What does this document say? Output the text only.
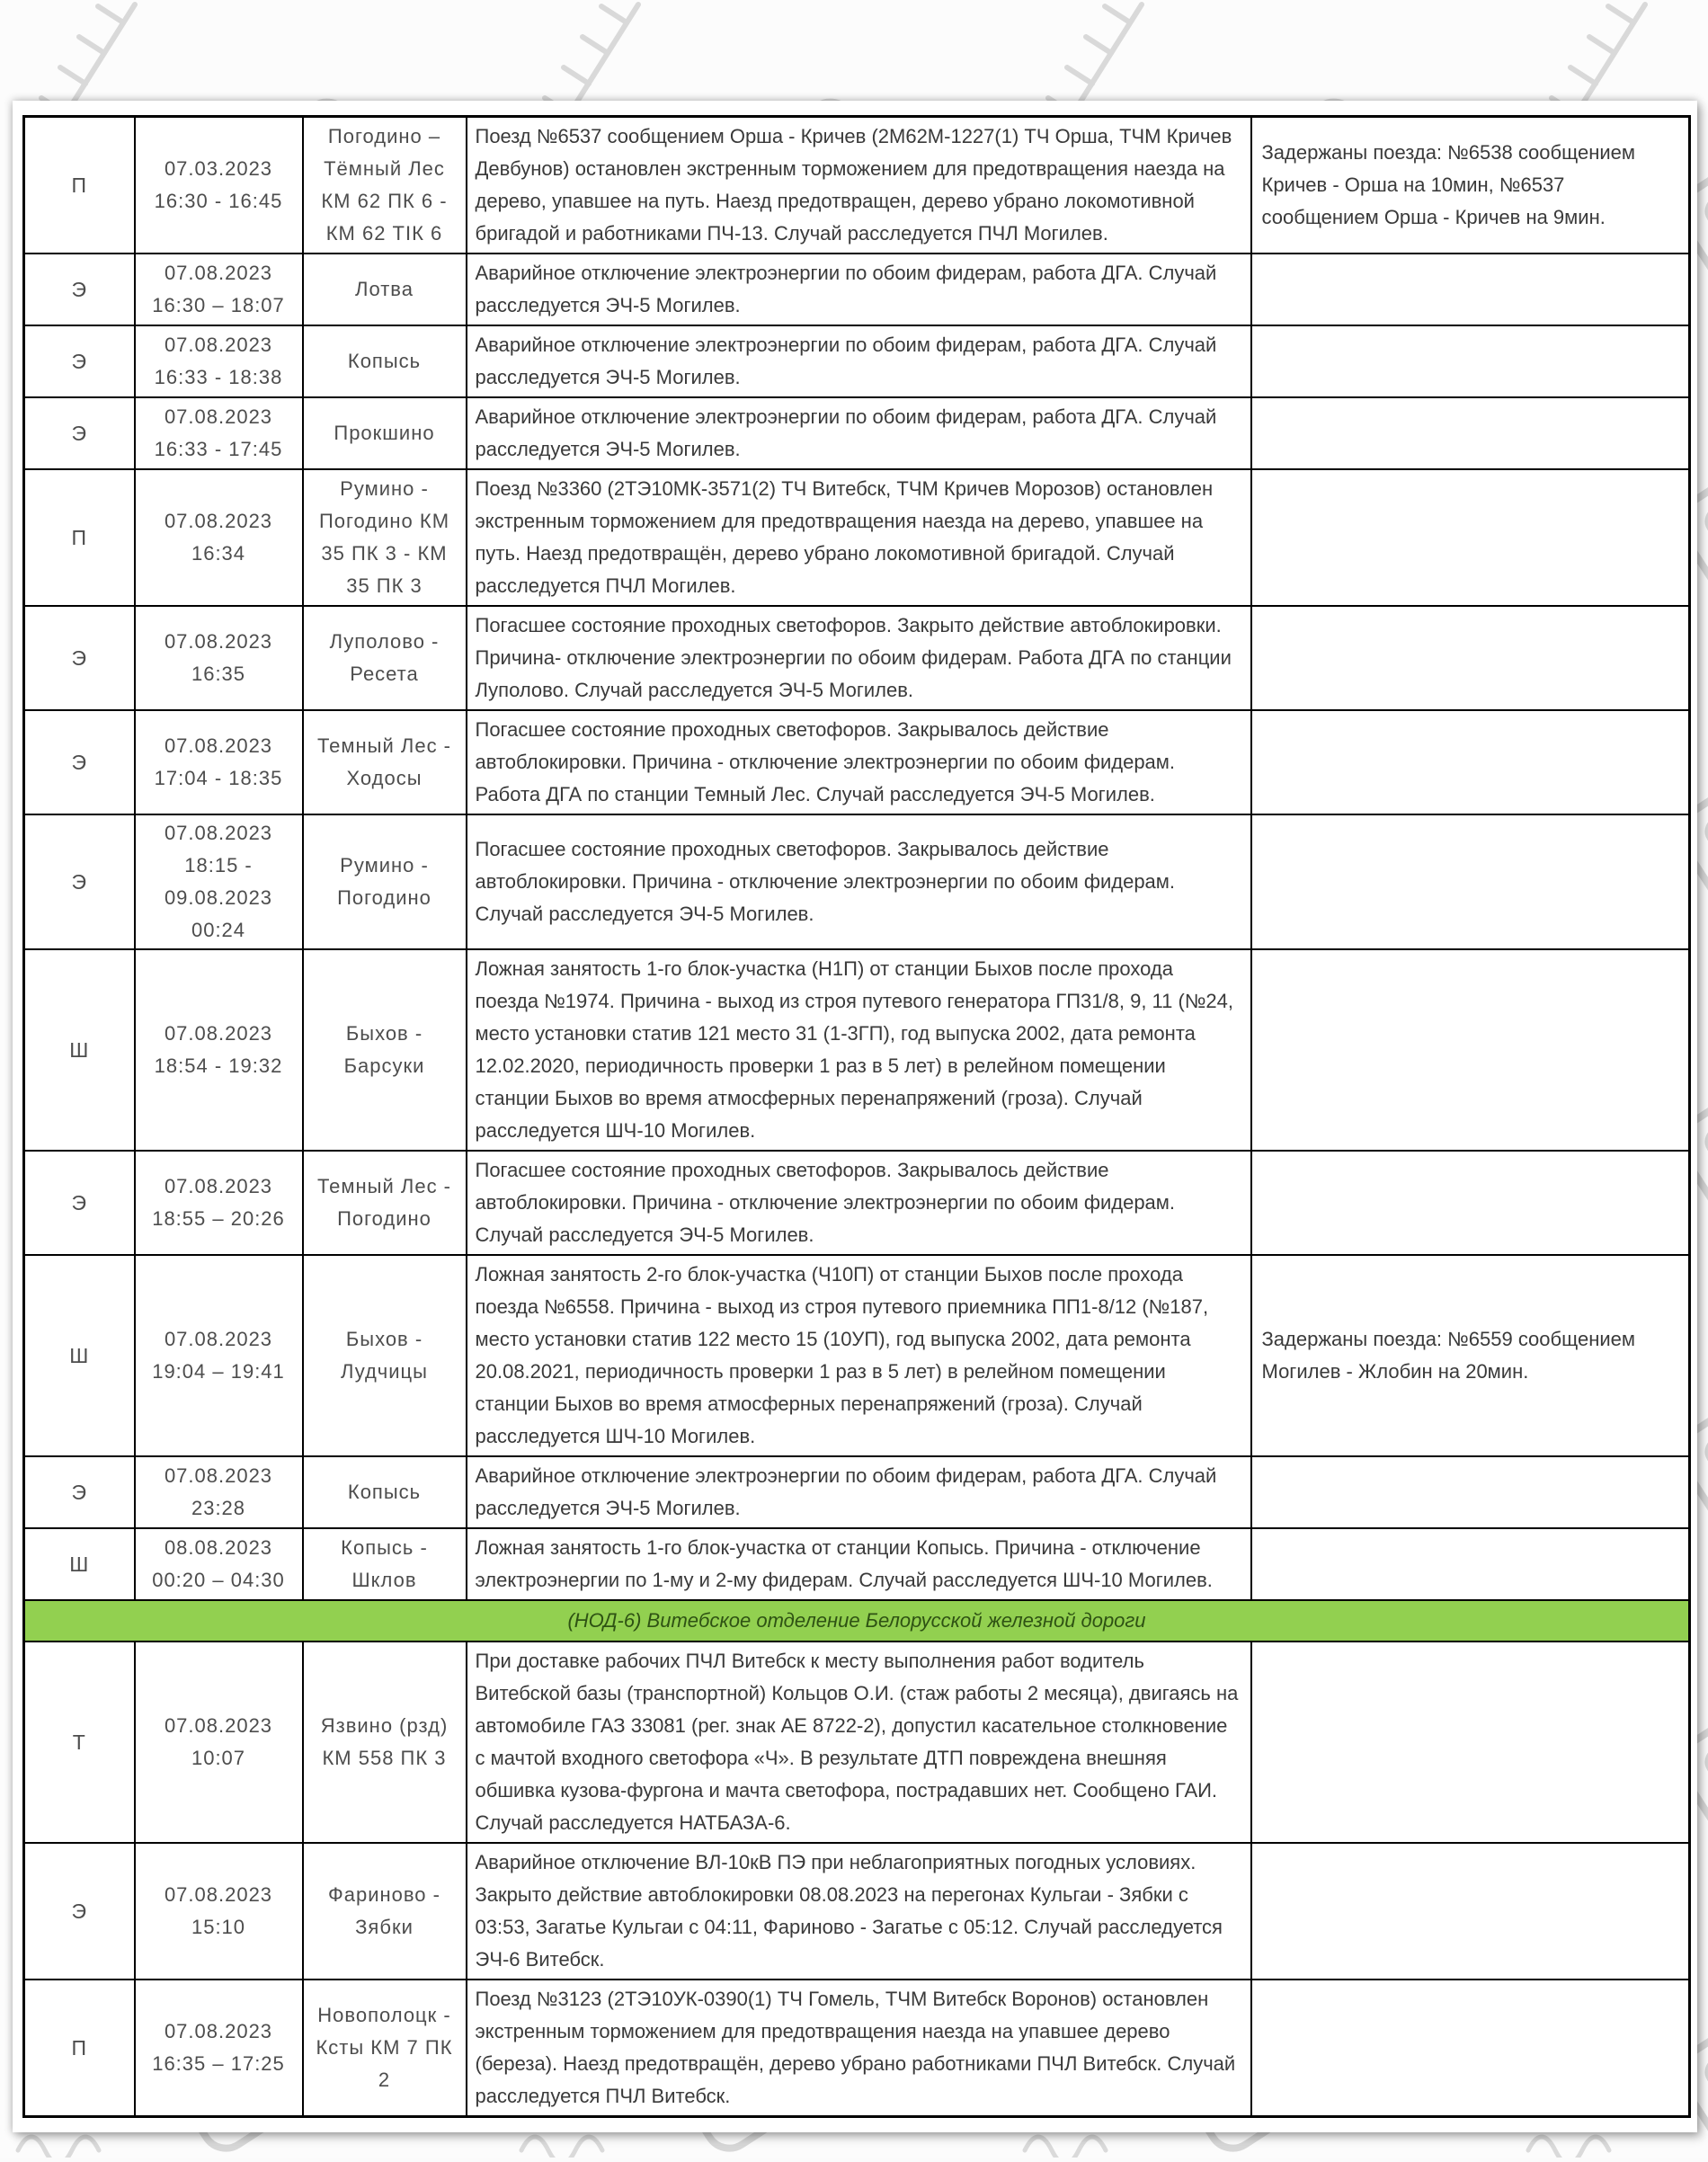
П	07.03.2023 16:30 - 16:45	Погодино – Тёмный Лес КМ 62 ПК 6 - КМ 62 ТІК 6	Поезд №6537 сообщением Орша - Кричев (2М62М-1227(1) ТЧ Орша, ТЧМ Кричев Девбунов) остановлен экстренным торможением для предотвращения наезда на дерево, упавшее на путь. Наезд предотвращен, дерево убрано локомотивной бригадой и работниками ПЧ-13. Случай расследуется ПЧЛ Могилев.	Задержаны поезда: №6538 сообщением Кричев - Орша на 10мин, №6537 сообщением Орша - Кричев на 9мин.
Э	07.08.2023 16:30 – 18:07	Лотва	Аварийное отключение электроэнергии по обоим фидерам, работа ДГА. Случай расследуется ЭЧ-5 Могилев.	
Э	07.08.2023 16:33 - 18:38	Копысь	Аварийное отключение электроэнергии по обоим фидерам, работа ДГА. Случай расследуется ЭЧ-5 Могилев.	
Э	07.08.2023 16:33 - 17:45	Прокшино	Аварийное отключение электроэнергии по обоим фидерам, работа ДГА. Случай расследуется ЭЧ-5 Могилев.	
П	07.08.2023 16:34	Румино - Погодино КМ 35 ПК 3 - КМ 35 ПК 3	Поезд №3360 (2ТЭ10МК-3571(2) ТЧ Витебск, ТЧМ Кричев Морозов) остановлен экстренным торможением для предотвращения наезда на дерево, упавшее на путь. Наезд предотвращён, дерево убрано локомотивной бригадой. Случай расследуется ПЧЛ Могилев.	
Э	07.08.2023 16:35	Луполово - Ресета	Погасшее состояние проходных светофоров. Закрыто действие автоблокировки. Причина- отключение электроэнергии по обоим фидерам. Работа ДГА по станции Луполово. Случай расследуется ЭЧ-5 Могилев.	
Э	07.08.2023 17:04 - 18:35	Темный Лес - Ходосы	Погасшее состояние проходных светофоров. Закрывалось действие автоблокировки. Причина - отключение электроэнергии по обоим фидерам. Работа ДГА по станции Темный Лес. Случай расследуется ЭЧ-5 Могилев.	
Э	07.08.2023 18:15 - 09.08.2023 00:24	Румино - Погодино	Погасшее состояние проходных светофоров. Закрывалось действие автоблокировки. Причина - отключение электроэнергии по обоим фидерам. Случай расследуется ЭЧ-5 Могилев.	
Ш	07.08.2023 18:54 - 19:32	Быхов - Барсуки	Ложная занятость 1-го блок-участка (Н1П) от станции Быхов после прохода поезда №1974. Причина - выход из строя путевого генератора ГП31/8, 9, 11 (№24, место установки статив 121 место 31 (1-3ГП), год выпуска 2002, дата ремонта 12.02.2020, периодичность проверки 1 раз в 5 лет) в релейном помещении станции Быхов во время атмосферных перенапряжений (гроза). Случай расследуется ШЧ-10 Могилев.	
Э	07.08.2023 18:55 – 20:26	Темный Лес - Погодино	Погасшее состояние проходных светофоров. Закрывалось действие автоблокировки. Причина - отключение электроэнергии по обоим фидерам. Случай расследуется ЭЧ-5 Могилев.	
Ш	07.08.2023 19:04 – 19:41	Быхов - Лудчицы	Ложная занятость 2-го блок-участка (Ч10П) от станции Быхов после прохода поезда №6558. Причина - выход из строя путевого приемника ПП1-8/12 (№187, место установки статив 122 место 15 (10УП), год выпуска 2002, дата ремонта 20.08.2021, периодичность проверки 1 раз в 5 лет) в релейном помещении станции Быхов во время атмосферных перенапряжений (гроза). Случай расследуется ШЧ-10 Могилев.	Задержаны поезда: №6559 сообщением Могилев - Жлобин на 20мин.
Э	07.08.2023 23:28	Копысь	Аварийное отключение электроэнергии по обоим фидерам, работа ДГА. Случай расследуется ЭЧ-5 Могилев.	
Ш	08.08.2023 00:20 – 04:30	Копысь - Шклов	Ложная занятость 1-го блок-участка от станции Копысь. Причина - отключение электроэнергии по 1-му и 2-му фидерам. Случай расследуется ШЧ-10 Могилев.	
(НОД-6) Витебское отделение Белорусской железной дороги				
Т	07.08.2023 10:07	Язвино (рзд) КМ 558 ПК 3	При доставке рабочих ПЧЛ Витебск к месту выполнения работ водитель Витебской базы (транспортной) Кольцов О.И. (стаж работы 2 месяца), двигаясь на автомобиле ГАЗ 33081 (рег. знак АЕ 8722-2), допустил касательное столкновение с мачтой входного светофора «Ч». В результате ДТП повреждена внешняя обшивка кузова-фургона и мачта светофора, пострадавших нет. Сообщено ГАИ. Случай расследуется НАТБАЗА-6.	
Э	07.08.2023 15:10	Фариново - Зябки	Аварийное отключение ВЛ-10кВ ПЭ при неблагоприятных погодных условиях. Закрыто действие автоблокировки 08.08.2023 на перегонах Кульгаи - Зябки с 03:53, Загатье Кульгаи с 04:11, Фариново - Загатье с 05:12. Случай расследуется ЭЧ-6 Витебск.	
П	07.08.2023 16:35 – 17:25	Новополоцк - Ксты КМ 7 ПК 2	Поезд №3123 (2ТЭ10УК-0390(1) ТЧ Гомель, ТЧМ Витебск Воронов) остановлен экстренным торможением для предотвращения наезда на упавшее дерево (береза). Наезд предотвращён, дерево убрано работниками ПЧЛ Витебск. Случай расследуется ПЧЛ Витебск.	
